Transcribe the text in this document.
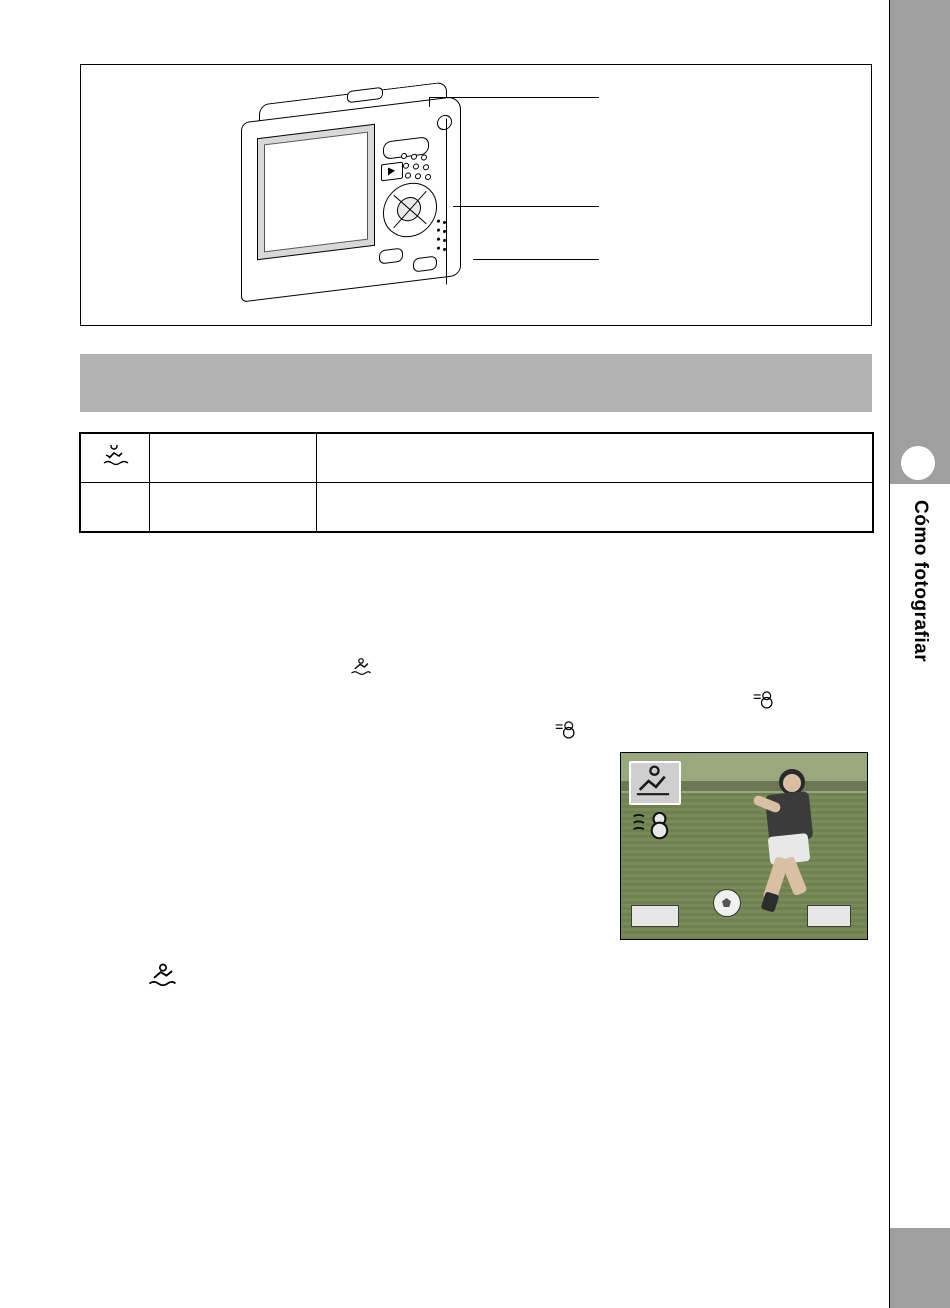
Cómo fotografiar
